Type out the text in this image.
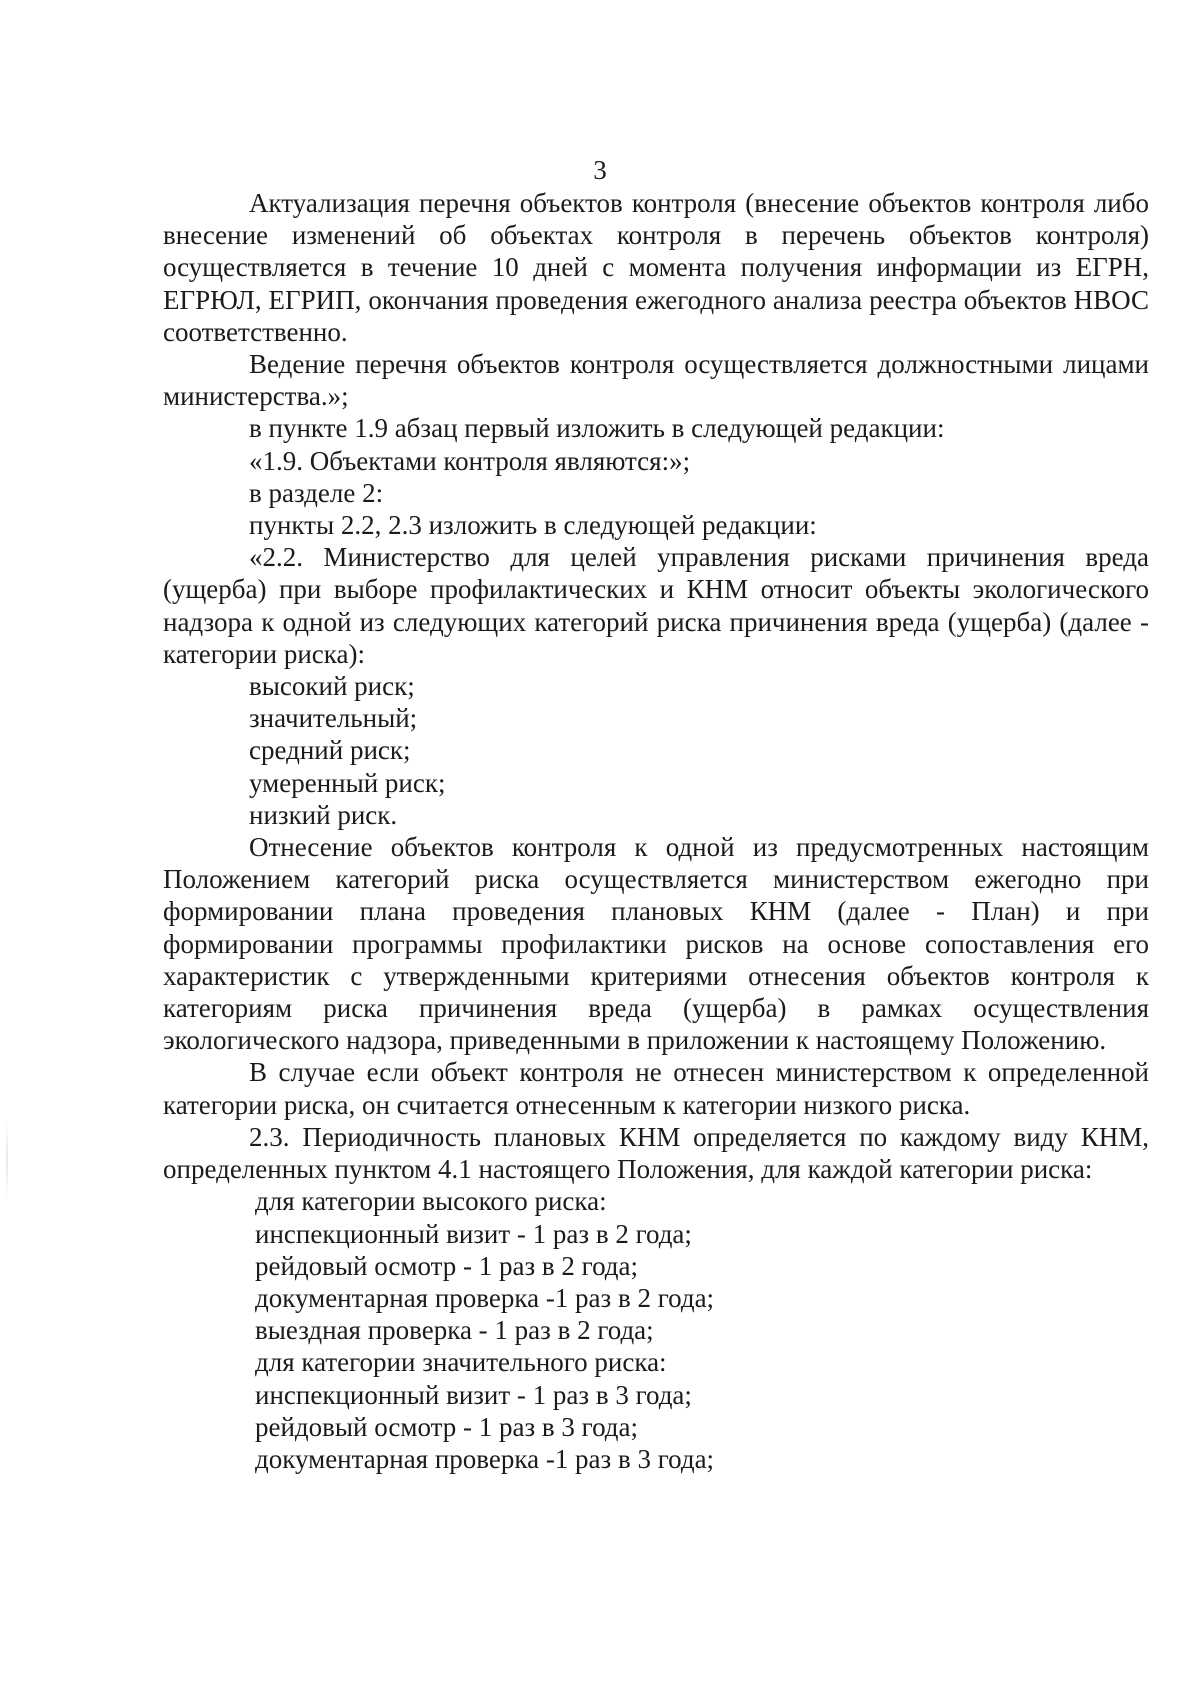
3

Актуализация перечня объектов контроля (внесение объектов контроля либо внесение изменений об объектах контроля в перечень объектов контроля) осуществляется в течение 10 дней с момента получения информации из ЕГРН, ЕГРЮЛ, ЕГРИП, окончания проведения ежегодного анализа реестра объектов НВОС соответственно.

Ведение перечня объектов контроля осуществляется должностными лицами министерства.»;

в пункте 1.9 абзац первый изложить в следующей редакции:

«1.9. Объектами контроля являются:»;

в разделе 2:

пункты 2.2, 2.3 изложить в следующей редакции:

«2.2. Министерство для целей управления рисками причинения вреда (ущерба) при выборе профилактических и КНМ относит объекты экологического надзора к одной из следующих категорий риска причинения вреда (ущерба) (далее - категории риска):

высокий риск;

значительный;

средний риск;

умеренный риск;

низкий риск.

Отнесение объектов контроля к одной из предусмотренных настоящим Положением категорий риска осуществляется министерством ежегодно при формировании плана проведения плановых КНМ (далее - План) и при формировании программы профилактики рисков на основе сопоставления его характеристик с утвержденными критериями отнесения объектов контроля к категориям риска причинения вреда (ущерба) в рамках осуществления экологического надзора, приведенными в приложении к настоящему Положению.

В случае если объект контроля не отнесен министерством к определенной категории риска, он считается отнесенным к категории низкого риска.

2.3. Периодичность плановых КНМ определяется по каждому виду КНМ, определенных пунктом 4.1 настоящего Положения, для каждой категории риска:

для категории высокого риска:

инспекционный визит - 1 раз в 2 года;

рейдовый осмотр - 1 раз в 2 года;

документарная проверка -1 раз в 2 года;

выездная проверка - 1 раз в 2 года;

для категории значительного риска:

инспекционный визит - 1 раз в 3 года;

рейдовый осмотр - 1 раз в 3 года;

документарная проверка -1 раз в 3 года;
